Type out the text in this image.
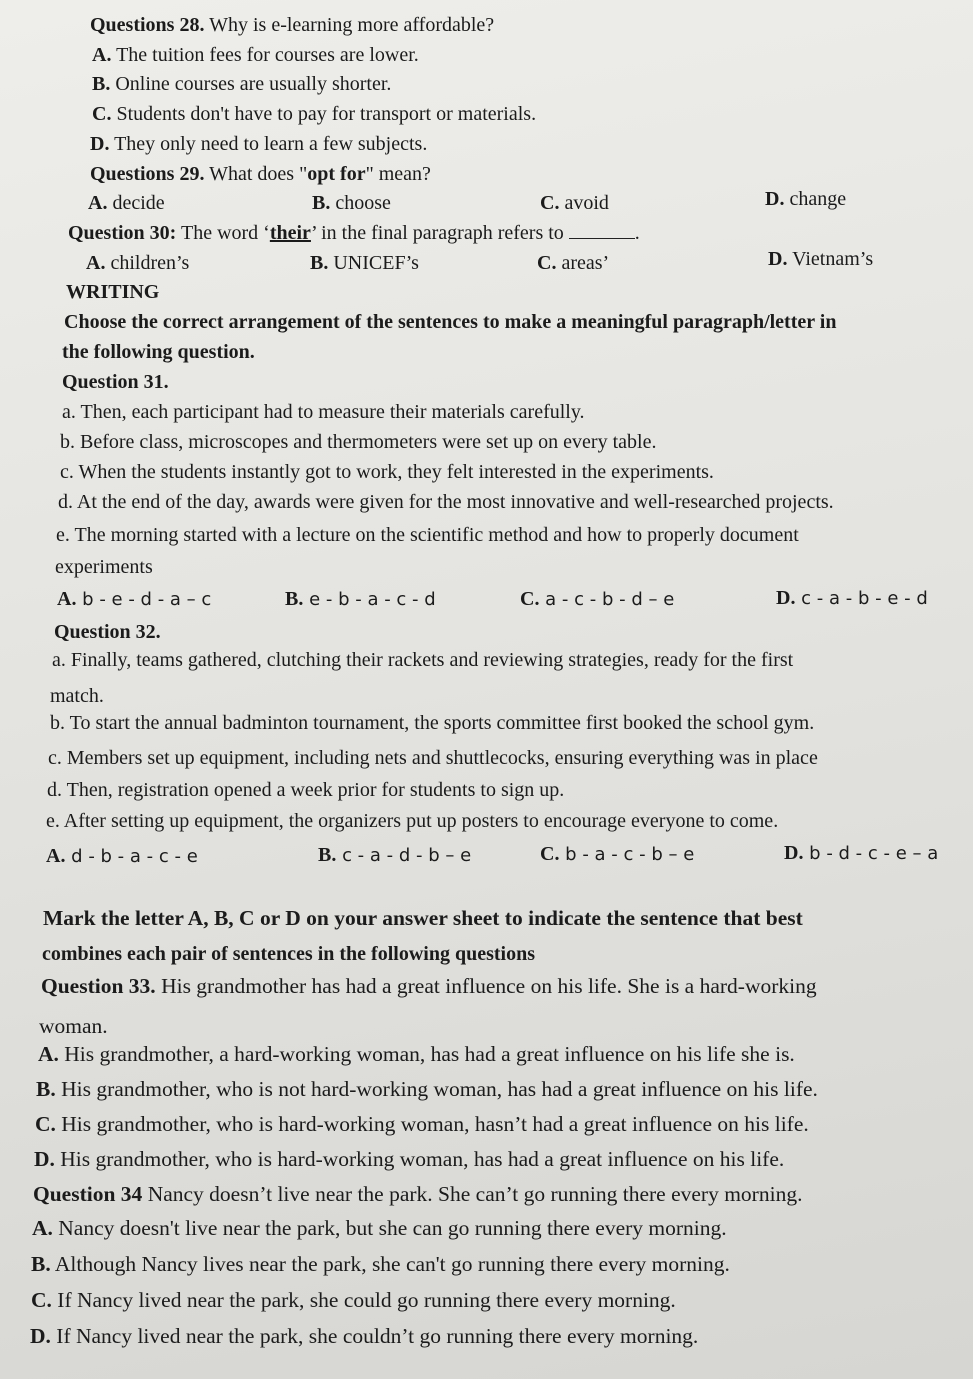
Questions 28. Why is e-learning more affordable?
A. The tuition fees for courses are lower.
B. Online courses are usually shorter.
C. Students don't have to pay for transport or materials.
D. They only need to learn a few subjects.
Questions 29. What does "opt for" mean?
A. decide	B. choose	C. avoid	D. change
Question 30: The word ‘their’ in the final paragraph refers to	.
A. children’s	B. UNICEF’s	C. areas’	D. Vietnam’s
WRITING
Choose the correct arrangement of the sentences to make a meaningful paragraph/letter in
the following question.
Question 31.
a. Then, each participant had to measure their materials carefully.
b. Before class, microscopes and thermometers were set up on every table.
c. When the students instantly got to work, they felt interested in the experiments.
d. At the end of the day, awards were given for the most innovative and well-researched projects.
e. The morning started with a lecture on the scientific method and how to properly document
experiments
A. b - e - d - a – c	B. e - b - a - c - d	C. a - c - b - d – e	D. c - a - b - e - d
Question 32.
a. Finally, teams gathered, clutching their rackets and reviewing strategies, ready for the first
match.
b. To start the annual badminton tournament, the sports committee first booked the school gym.
c. Members set up equipment, including nets and shuttlecocks, ensuring everything was in place
d. Then, registration opened a week prior for students to sign up.
e. After setting up equipment, the organizers put up posters to encourage everyone to come.
A. d - b - a - c - e	B. c - a - d - b – e	C. b - a - c - b – e	D. b - d - c - e – a
Mark the letter A, B, C or D on your answer sheet to indicate the sentence that best
combines each pair of sentences in the following questions
Question 33. His grandmother has had a great influence on his life. She is a hard-working
woman.
A. His grandmother, a hard-working woman, has had a great influence on his life she is.
B. His grandmother, who is not hard-working woman, has had a great influence on his life.
C. His grandmother, who is hard-working woman, hasn’t had a great influence on his life.
D. His grandmother, who is hard-working woman, has had a great influence on his life.
Question 34 Nancy doesn’t live near the park. She can’t go running there every morning.
A. Nancy doesn't live near the park, but she can go running there every morning.
B. Although Nancy lives near the park, she can't go running there every morning.
C. If Nancy lived near the park, she could go running there every morning.
D. If Nancy lived near the park, she couldn’t go running there every morning.
